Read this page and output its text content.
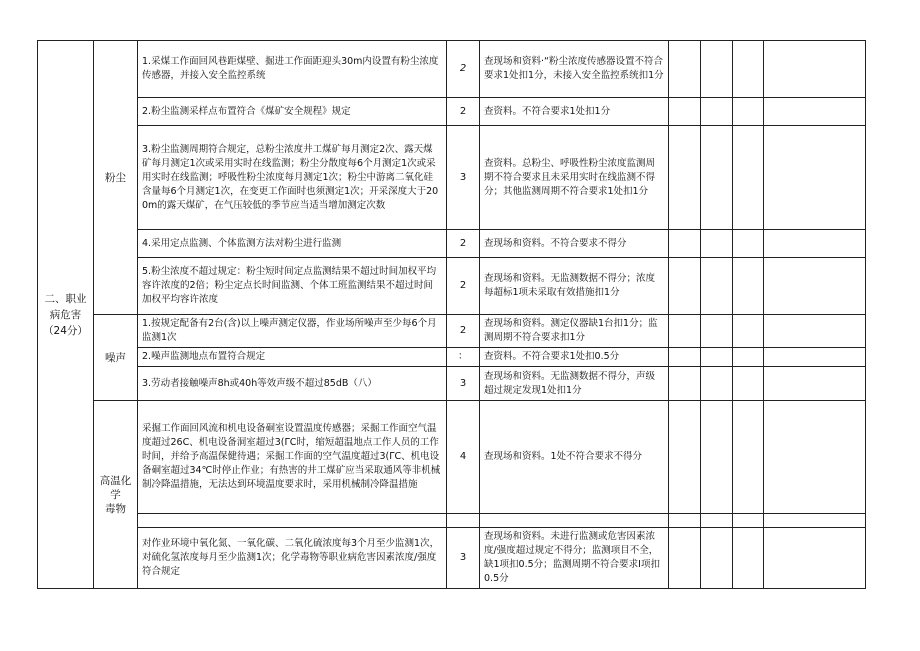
二、职业
病危害
（24分）	粉尘	1.采煤工作面回风巷距煤壁、掘进工作面距迎头30m内设置有粉尘浓度传感器，并接入安全监控系统	2	查现场和资料·“粉尘浓度传感器设置不符合要求1处扣1分，未接入安全监控系统扣1分				
		2.粉尘监测采样点布置符合《煤矿安全规程》规定	2	查资料。不符合要求1处扣1分				
		3.粉尘监测周期符合规定，总粉尘浓度井工煤矿每月测定2次、露天煤矿每月测定1次或采用实时在线监测；粉尘分散度每6个月测定1次或采用实时在线监测；呼吸性粉尘浓度每月测定1次；粉尘中游离二氧化硅含量每6个月测定1次，在变更工作面时也须测定1次；开采深度大于200m的露天煤矿，在气压较低的季节应当适当增加测定次数	3	查资料。总粉尘、呼吸性粉尘浓度监测周期不符合要求且未采用实时在线监测不得分；其他监测周期不符合要求1处扣1分				
		4.采用定点监测、个体监测方法对粉尘进行监测	2	查现场和资料。不符合要求不得分				
		5.粉尘浓度不超过规定：粉尘短时间定点监测结果不超过时间加权平均容许浓度的2倍；粉尘定点长时间监测、个体工班监测结果不超过时间加权平均容许浓度	2	查现场和资料。无监测数据不得分；浓度每超标1项未采取有效措施扣1分				
	噪声	1.按规定配备有2台(含)以上噪声测定仪器，作业场所噪声至少每6个月监测1次	2	查现场和资料。测定仪器缺1台扣1分；监测周期不符合要求扣1分				
		2.噪声监测地点布置符合规定	：	查资料。不符合要求1处扣0.5分				
		3.劳动者接触噪声8h或40h等效声级不超过85dB（八）	3	查现场和资料。无监测数据不得分，声级超过规定发现1处扣1分				
	高温化学
毒物	采掘工作面回风流和机电设备硐室设置温度传感器；采掘工作面空气温度超过26C、机电设备洞室超过3(ΓC时，缩短超温地点工作人员的工作时间，并给予高温保健待遇；采掘工作面的空气温度超过3(ΓC、机电设备硐室超过34℃时停止作业；有热害的井工煤矿应当采取通风等非机械制冷降温措施，无法达到环境温度要求时，采用机械制冷降温措施	4	查现场和资料。1处不符合要求不得分				

		对作业环境中氧化氮、一氧化碳、二氧化硫浓度每3个月至少监测1次，对硫化氢浓度每月至少监测1次；化学毒物等职业病危害因素浓度/强度符合规定	3	查现场和资料。未进行监测或危害因素浓度/强度超过规定不得分；监测项目不全，缺1项扣0.5分；监测周期不符合要求I项扣0.5分				
